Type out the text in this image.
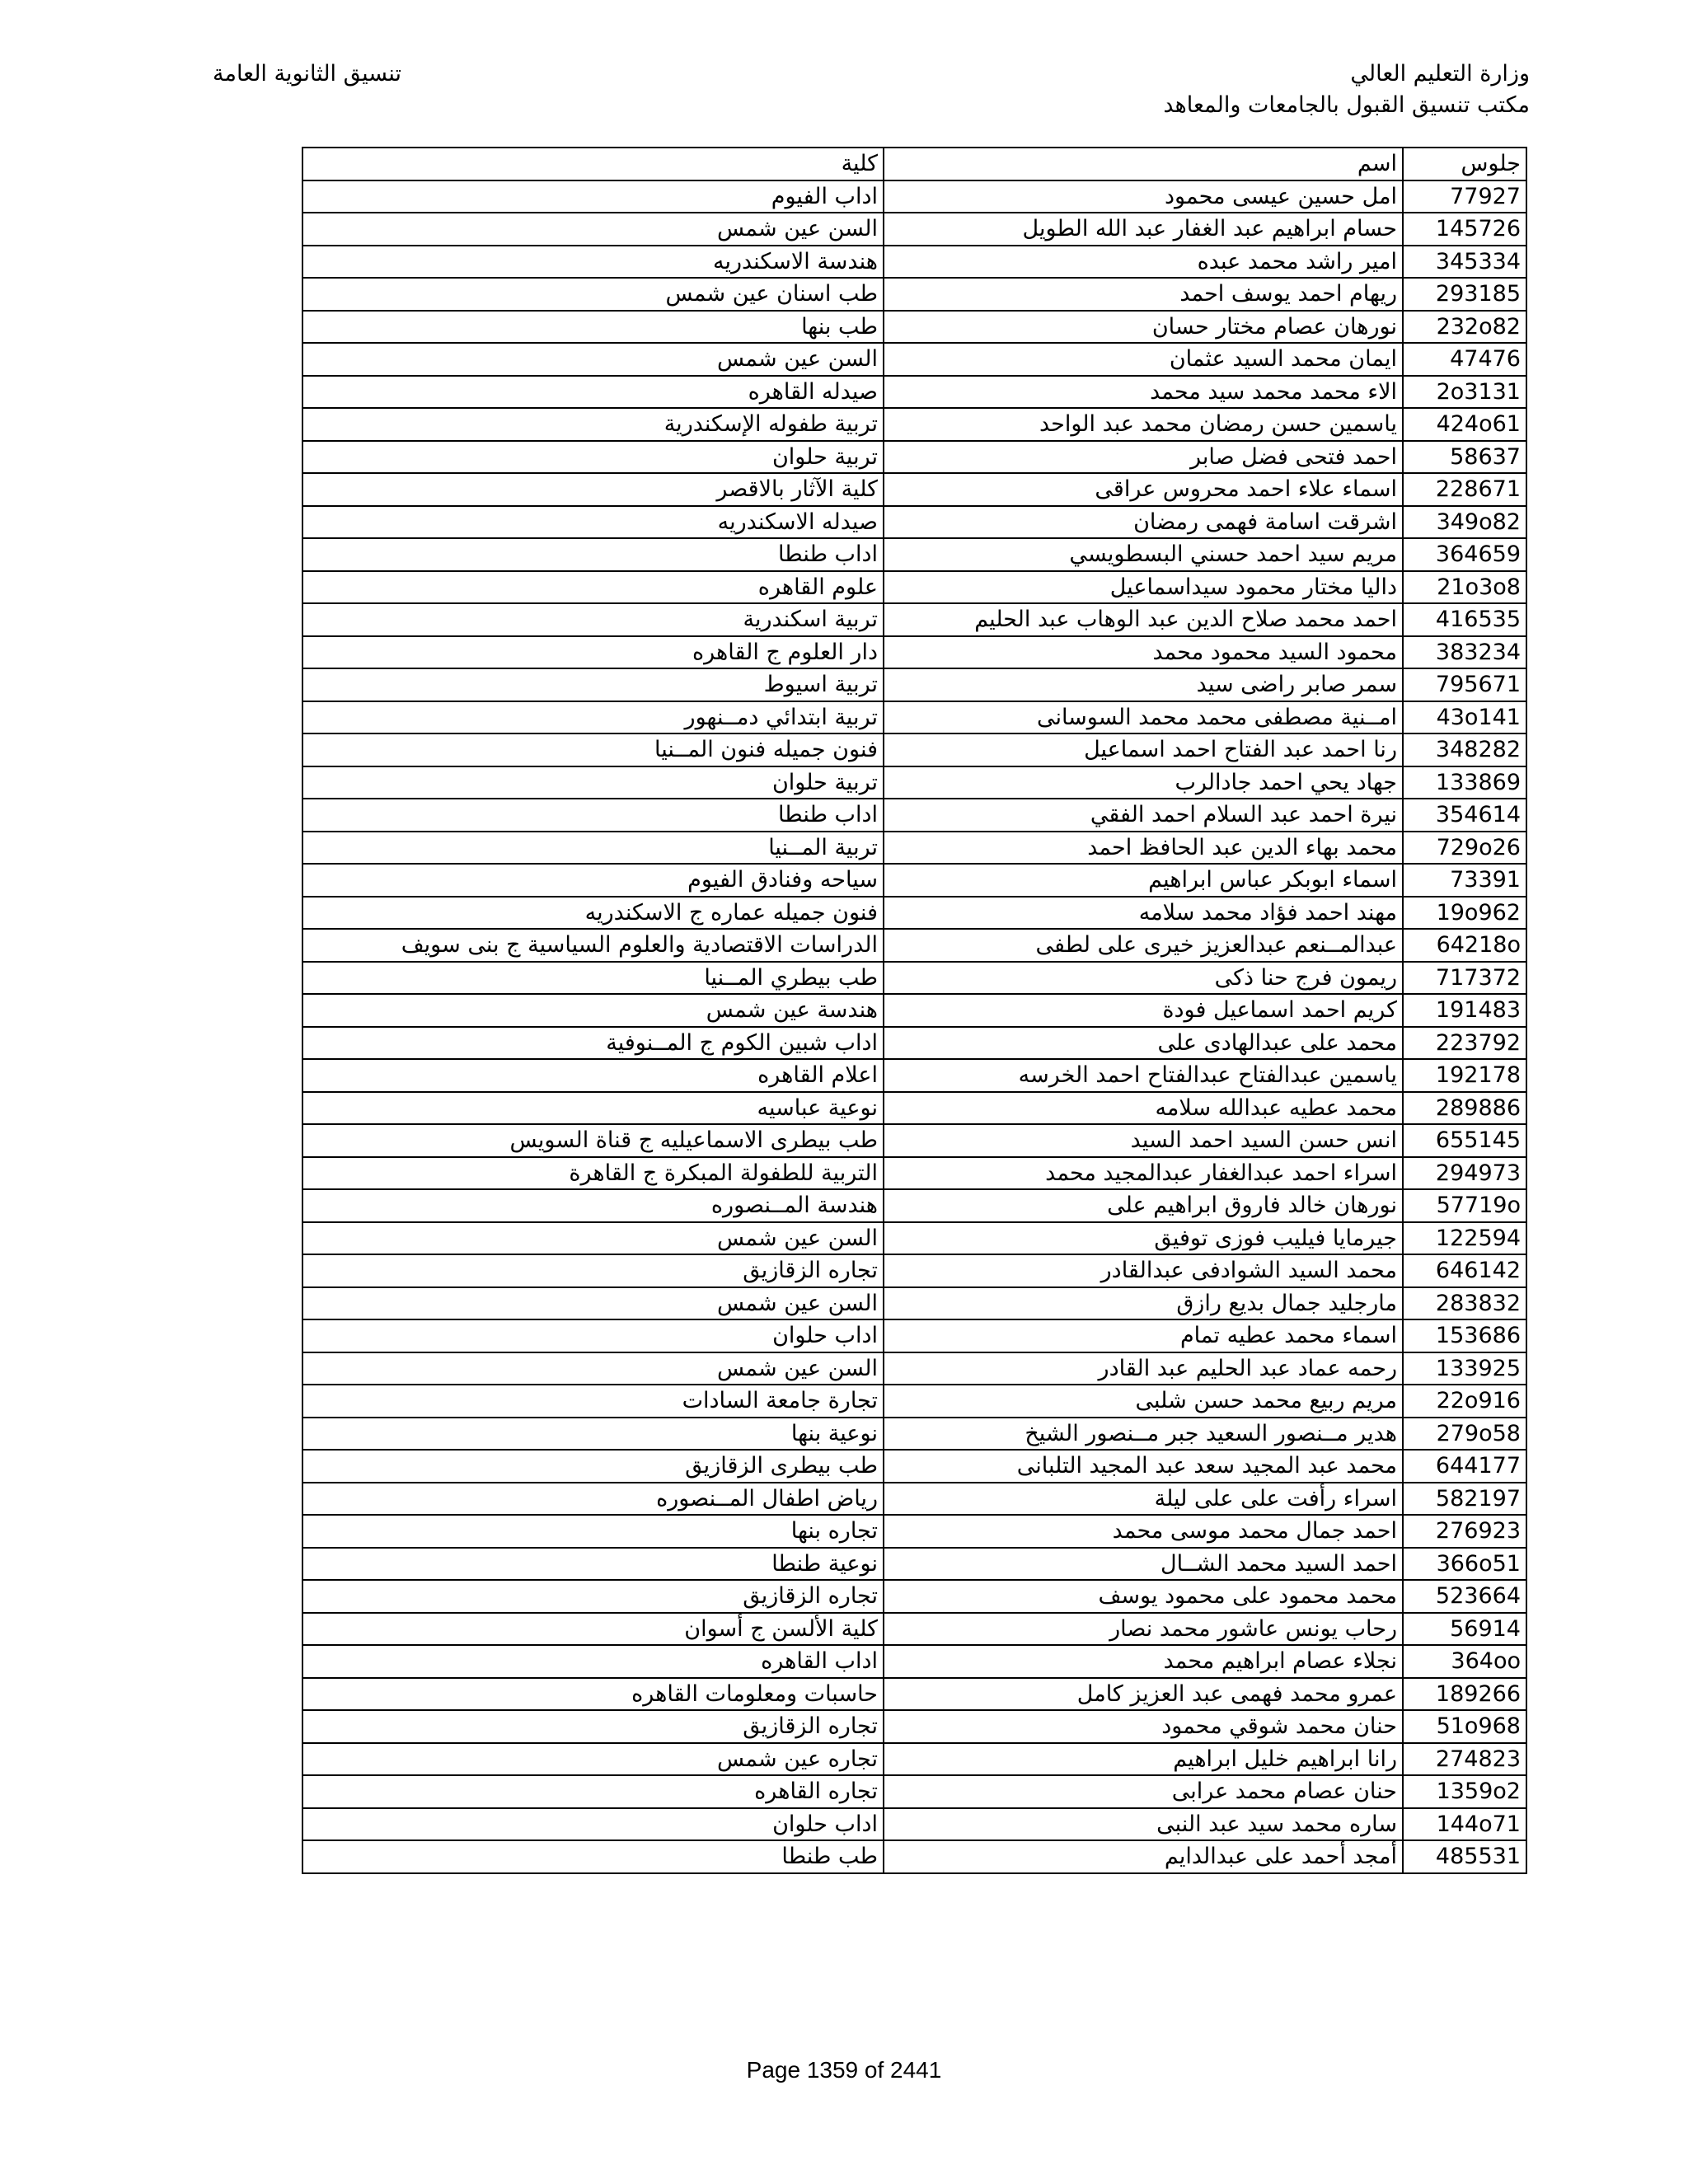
وزارة التعليم العالي
مكتب تنسيق القبول بالجامعات والمعاهد
تنسيق الثانوية العامة
جلوس	اسم	كلية
77927	امل حسين عيسى محمود	اداب الفيوم
145726	حسام ابراهيم عبد الغفار عبد الله الطويل	السن عين شمس
345334	امير راشد محمد عبده	هندسة الاسكندريه
293185	ريهام احمد يوسف احمد	طب اسنان عين شمس
232o82	نورهان عصام مختار حسان	طب بنها
47476	ايمان محمد السيد عثمان	السن عين شمس
2o3131	الاء محمد محمد سيد محمد	صيدله القاهره
424o61	ياسمين حسن رمضان محمد عبد الواحد	تربية طفوله الإسكندرية
58637	احمد فتحى فضل صابر	تربية حلوان
228671	اسماء علاء احمد محروس عراقى	كلية الآثار بالاقصر
349o82	اشرقت اسامة فهمى رمضان	صيدله الاسكندريه
364659	مريم سيد احمد حسني البسطويسي	اداب طنطا
21o3o8	داليا مختار محمود سيداسماعيل	علوم القاهره
416535	احمد محمد صلاح الدين عبد الوهاب عبد الحليم	تربية اسكندرية
383234	محمود السيد محمود محمد	دار العلوم ج القاهره
795671	سمر صابر راضى سيد	تربية اسيوط
43o141	امــنية مصطفى محمد محمد السوسانى	تربية ابتدائي دمــنهور
348282	رنا احمد عبد الفتاح احمد اسماعيل	فنون جميله فنون المــنيا
133869	جهاد يحي احمد جادالرب	تربية حلوان
354614	نيرة احمد عبد السلام احمد الفقي	اداب طنطا
729o26	محمد بهاء الدين عبد الحافظ احمد	تربية المــنيا
73391	اسماء ابوبكر عباس ابراهيم	سياحه وفنادق الفيوم
19o962	مهند احمد فؤاد محمد سلامه	فنون جميله عماره ج الاسكندريه
64218o	عبدالمــنعم عبدالعزيز خيرى على لطفى	الدراسات الاقتصادية والعلوم السياسية ج بنى سويف
717372	ريمون فرج حنا ذكى	طب بيطري المــنيا
191483	كريم احمد اسماعيل فودة	هندسة عين شمس
223792	محمد على عبدالهادى على	اداب شبين الكوم ج المــنوفية
192178	ياسمين عبدالفتاح عبدالفتاح احمد الخرسه	اعلام القاهره
289886	محمد عطيه عبدالله سلامه	نوعية عباسيه
655145	انس حسن السيد احمد السيد	طب بيطرى الاسماعيليه ج قناة السويس
294973	اسراء احمد عبدالغفار عبدالمجيد محمد	التربية للطفولة المبكرة ج القاهرة
57719o	نورهان خالد فاروق ابراهيم على	هندسة المــنصوره
122594	جيرمايا فيليب فوزى توفيق	السن عين شمس
646142	محمد السيد الشوادفى عبدالقادر	تجاره الزقازيق
283832	مارجليد جمال بديع رازق	السن عين شمس
153686	اسماء محمد عطيه تمام	اداب حلوان
133925	رحمه عماد عبد الحليم عبد القادر	السن عين شمس
22o916	مريم ربيع محمد حسن شلبى	تجارة جامعة السادات
279o58	هدير مــنصور السعيد جبر مــنصور الشيخ	نوعية بنها
644177	محمد عبد المجيد سعد عبد المجيد التلبانى	طب بيطرى الزقازيق
582197	اسراء رأفت على على ليلة	رياض اطفال المــنصوره
276923	احمد جمال محمد موسى محمد	تجاره بنها
366o51	احمد السيد محمد الشــال	نوعية طنطا
523664	محمد محمود على محمود يوسف	تجاره الزقازيق
56914	رحاب يونس عاشور محمد نصار	كلية الألسن ج أسوان
364oo	نجلاء عصام ابراهيم محمد	اداب القاهره
189266	عمرو محمد فهمى عبد العزيز كامل	حاسبات ومعلومات القاهره
51o968	حنان محمد شوقي محمود	تجاره الزقازيق
274823	رانا ابراهيم خليل ابراهيم	تجاره عين شمس
1359o2	حنان عصام محمد عرابى	تجاره القاهره
144o71	ساره محمد سيد عبد النبى	اداب حلوان
485531	أمجد أحمد على عبدالدايم	طب طنطا
Page 1359 of 2441
